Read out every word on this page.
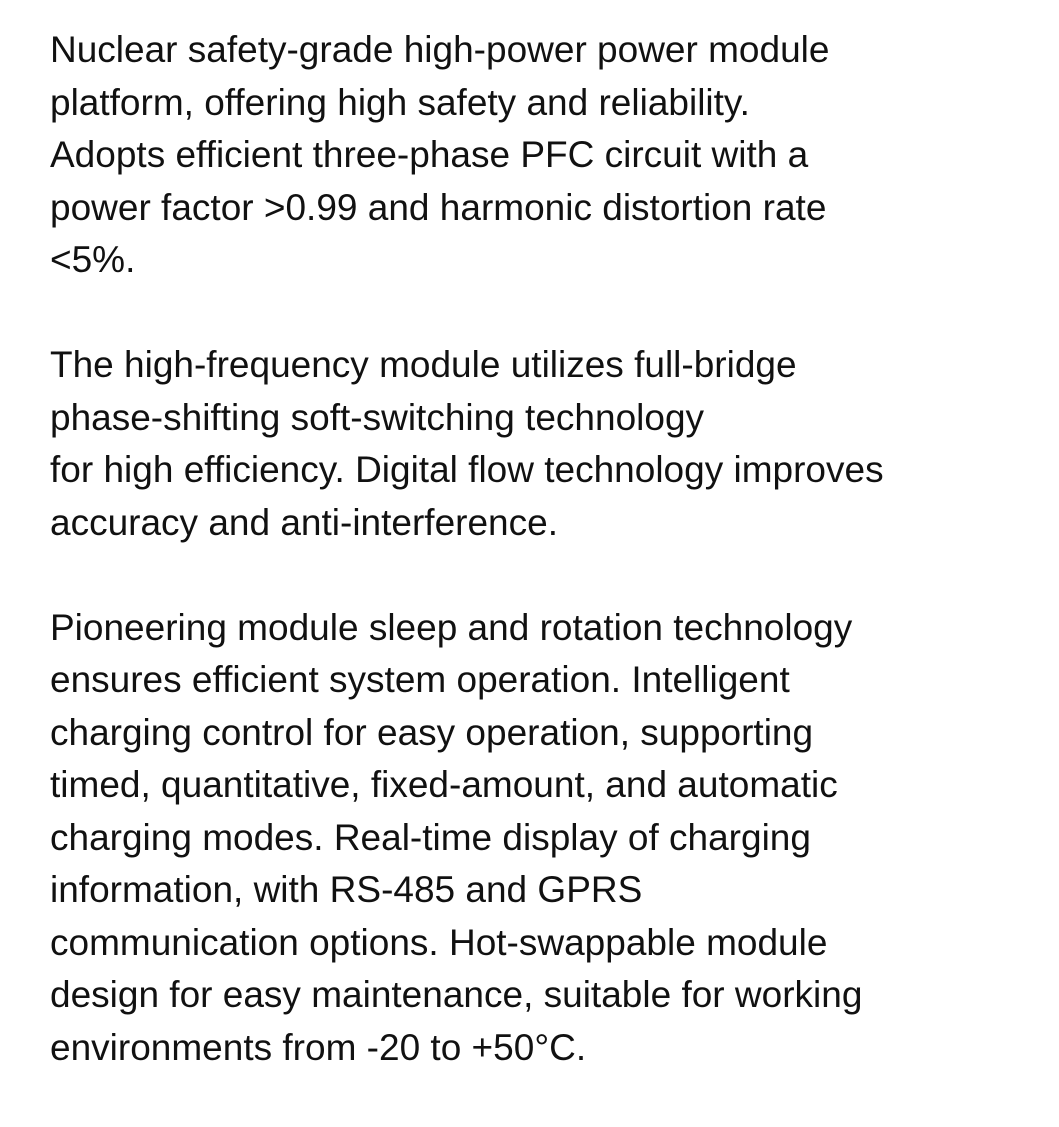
Nuclear safety-grade high-power power module
platform, offering high safety and reliability.
Adopts efficient three-phase PFC circuit with a
power factor >0.99 and harmonic distortion rate
<5%.

The high-frequency module utilizes full-bridge
phase-shifting soft-switching technology
for high efficiency. Digital flow technology improves
accuracy and anti-interference.

Pioneering module sleep and rotation technology
ensures efficient system operation. Intelligent
charging control for easy operation, supporting
timed, quantitative, fixed-amount, and automatic
charging modes. Real-time display of charging
information, with RS-485 and GPRS
communication options. Hot-swappable module
design for easy maintenance, suitable for working
environments from -20 to +50°C.
